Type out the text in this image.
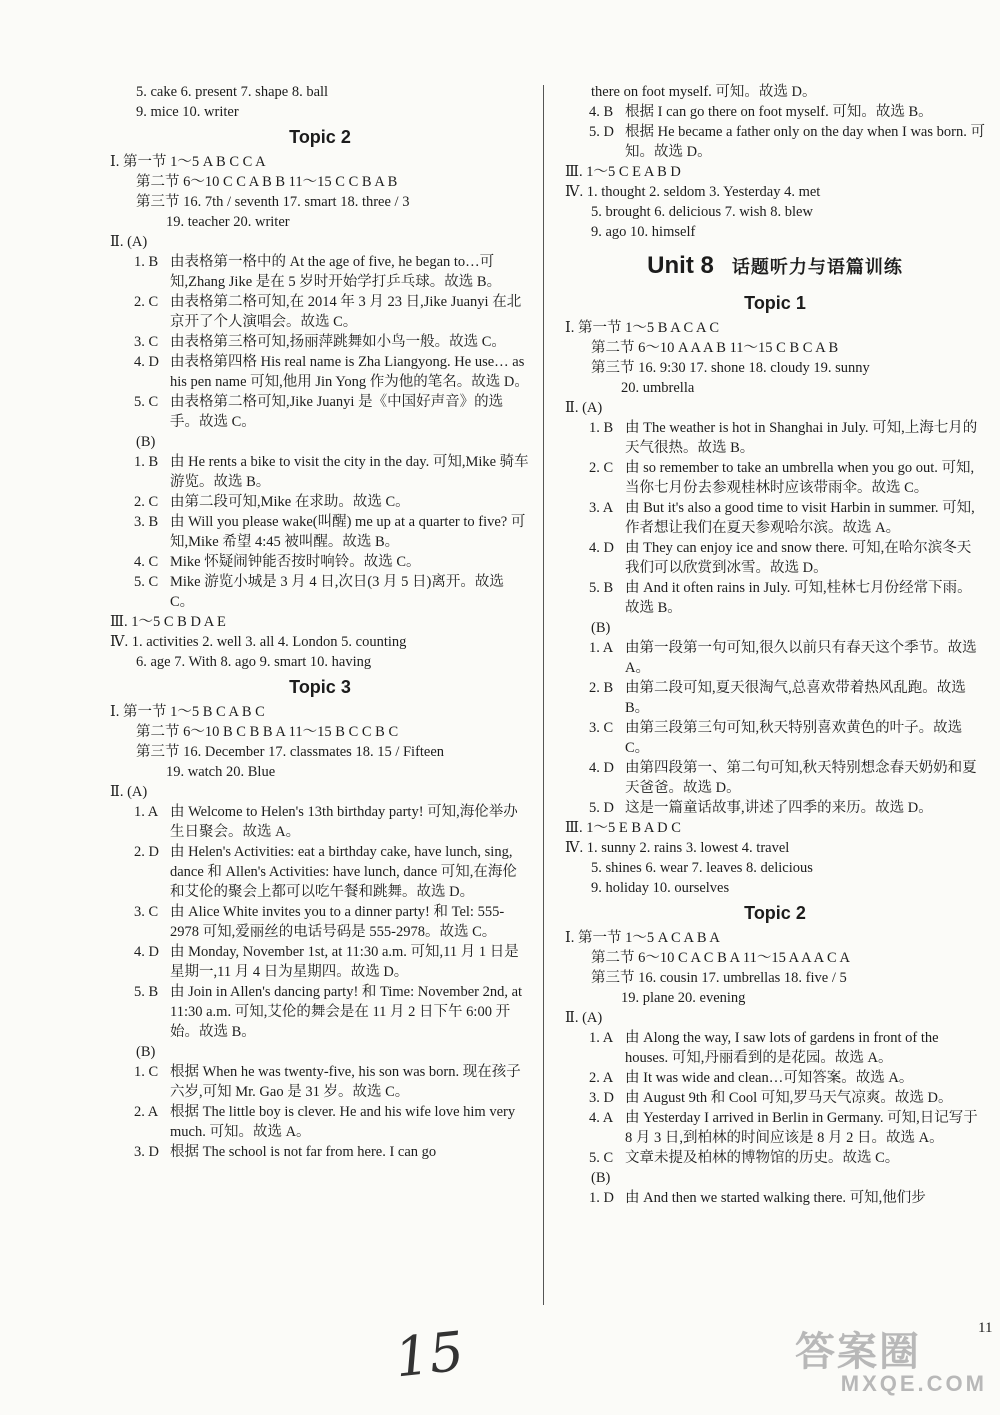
5. cake 6. present 7. shape 8. ball
9. mice 10. writer
Topic 2
Ⅰ. 第一节 1～5 A B C C A
第二节 6～10 C C A B B 11～15 C C B A B
第三节 16. 7th / seventh 17. smart 18. three / 3
19. teacher 20. writer
Ⅱ. (A)
1. B 由表格第一格中的 At the age of five, he began to…可知,Zhang Jike 是在 5 岁时开始学打乒乓球。故选 B。
2. C 由表格第二格可知,在 2014 年 3 月 23 日,Jike Juanyi 在北京开了个人演唱会。故选 C。
3. C 由表格第三格可知,扬丽萍跳舞如小鸟一般。故选 C。
4. D 由表格第四格 His real name is Zha Liangyong. He use… as his pen name 可知,他用 Jin Yong 作为他的笔名。故选 D。
5. C 由表格第二格可知,Jike Juanyi 是《中国好声音》的选手。故选 C。
(B)
1. B 由 He rents a bike to visit the city in the day. 可知,Mike 骑车游览。故选 B。
2. C 由第二段可知,Mike 在求助。故选 C。
3. B 由 Will you please wake(叫醒) me up at a quarter to five? 可知,Mike 希望 4:45 被叫醒。故选 B。
4. C Mike 怀疑闹钟能否按时响铃。故选 C。
5. C Mike 游览小城是 3 月 4 日,次日(3 月 5 日)离开。故选 C。
Ⅲ. 1～5 C B D A E
Ⅳ. 1. activities 2. well 3. all 4. London 5. counting
6. age 7. With 8. ago 9. smart 10. having
Topic 3
Ⅰ. 第一节 1～5 B C A B C
第二节 6～10 B C B B A 11～15 B C C B C
第三节 16. December 17. classmates 18. 15 / Fifteen
19. watch 20. Blue
Ⅱ. (A)
1. A 由 Welcome to Helen's 13th birthday party! 可知,海伦举办生日聚会。故选 A。
2. D 由 Helen's Activities: eat a birthday cake, have lunch, sing, dance 和 Allen's Activities: have lunch, dance 可知,在海伦和艾伦的聚会上都可以吃午餐和跳舞。故选 D。
3. C 由 Alice White invites you to a dinner party! 和 Tel: 555-2978 可知,爱丽丝的电话号码是 555-2978。故选 C。
4. D 由 Monday, November 1st, at 11:30 a.m. 可知,11 月 1 日是星期一,11 月 4 日为星期四。故选 D。
5. B 由 Join in Allen's dancing party! 和 Time: November 2nd, at 11:30 a.m. 可知,艾伦的舞会是在 11 月 2 日下午 6:00 开始。故选 B。
(B)
1. C 根据 When he was twenty-five, his son was born. 现在孩子六岁,可知 Mr. Gao 是 31 岁。故选 C。
2. A 根据 The little boy is clever. He and his wife love him very much. 可知。故选 A。
3. D 根据 The school is not far from here. I can go
there on foot myself. 可知。故选 D。
4. B 根据 I can go there on foot myself. 可知。故选 B。
5. D 根据 He became a father only on the day when I was born. 可知。故选 D。
Ⅲ. 1～5 C E A B D
Ⅳ. 1. thought 2. seldom 3. Yesterday 4. met
5. brought 6. delicious 7. wish 8. blew
9. ago 10. himself
Unit 8 话题听力与语篇训练
Topic 1
Ⅰ. 第一节 1～5 B A C A C
第二节 6～10 A A A B 11～15 C B C A B
第三节 16. 9:30 17. shone 18. cloudy 19. sunny
20. umbrella
Ⅱ. (A)
1. B 由 The weather is hot in Shanghai in July. 可知,上海七月的天气很热。故选 B。
2. C 由 so remember to take an umbrella when you go out. 可知,当你七月份去参观桂林时应该带雨伞。故选 C。
3. A 由 But it's also a good time to visit Harbin in summer. 可知,作者想让我们在夏天参观哈尔滨。故选 A。
4. D 由 They can enjoy ice and snow there. 可知,在哈尔滨冬天我们可以欣赏到冰雪。故选 D。
5. B 由 And it often rains in July. 可知,桂林七月份经常下雨。故选 B。
(B)
1. A 由第一段第一句可知,很久以前只有春天这个季节。故选 A。
2. B 由第二段可知,夏天很淘气,总喜欢带着热风乱跑。故选 B。
3. C 由第三段第三句可知,秋天特别喜欢黄色的叶子。故选 C。
4. D 由第四段第一、第二句可知,秋天特别想念春天奶奶和夏天爸爸。故选 D。
5. D 这是一篇童话故事,讲述了四季的来历。故选 D。
Ⅲ. 1～5 E B A D C
Ⅳ. 1. sunny 2. rains 3. lowest 4. travel
5. shines 6. wear 7. leaves 8. delicious
9. holiday 10. ourselves
Topic 2
Ⅰ. 第一节 1～5 A C A B A
第二节 6～10 C A C B A 11～15 A A A C A
第三节 16. cousin 17. umbrellas 18. five / 5
19. plane 20. evening
Ⅱ. (A)
1. A 由 Along the way, I saw lots of gardens in front of the houses. 可知,丹丽看到的是花园。故选 A。
2. A 由 It was wide and clean…可知答案。故选 A。
3. D 由 August 9th 和 Cool 可知,罗马天气凉爽。故选 D。
4. A 由 Yesterday I arrived in Berlin in Germany. 可知,日记写于 8 月 3 日,到柏林的时间应该是 8 月 2 日。故选 A。
5. C 文章未提及柏林的博物馆的历史。故选 C。
(B)
1. D 由 And then we started walking there. 可知,他们步
11
15	答案圈
MXQE.COM
